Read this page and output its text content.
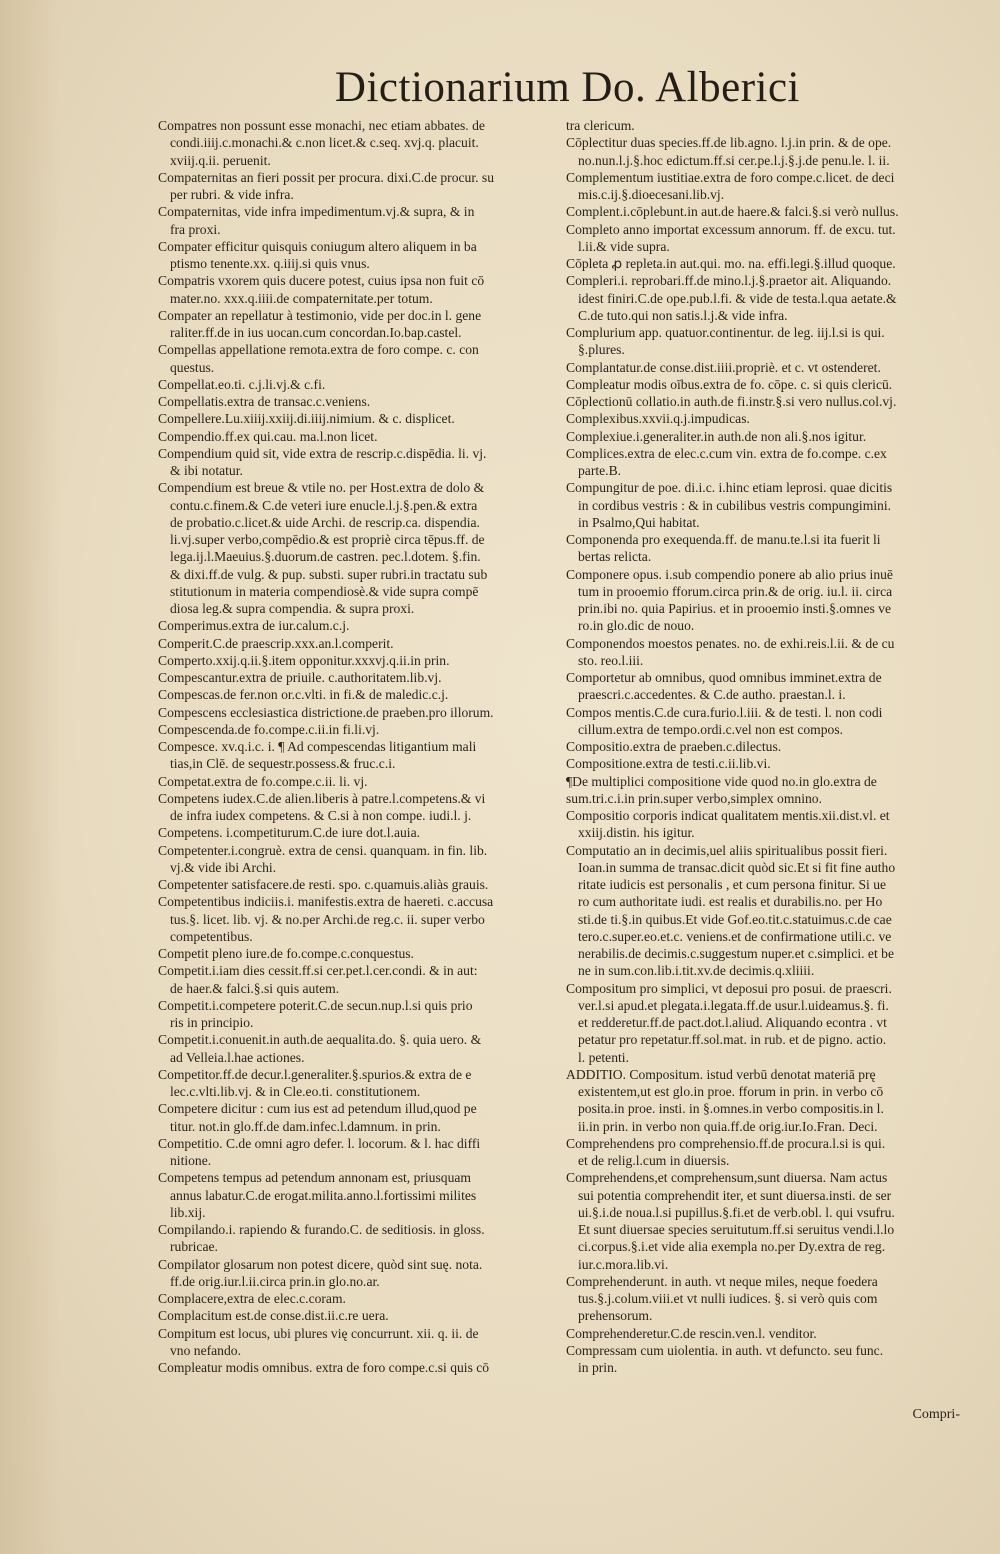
Dictionarium Do. Alberici

Compatres non possunt esse monachi, nec etiam abbates. de
condi.iiij.c.monachi.& c.non licet.& c.seq. xvj.q. placuit.
xviij.q.ii. peruenit.

Compaternitas an fieri possit per procura. dixi.C.de procur. su
per rubri. & vide infra.

Compaternitas, vide infra impedimentum.vj.& supra, & in
fra proxi.

Compater efficitur quisquis coniugum altero aliquem in ba
ptismo tenente.xx. q.iiij.si quis vnus.

Compatris vxorem quis ducere potest, cuius ipsa non fuit cō
mater.no. xxx.q.iiii.de compaternitate.per totum.

Compater an repellatur à testimonio, vide per doc.in l. gene
raliter.ff.de in ius uocan.cum concordan.Io.bap.castel.

Compellas appellatione remota.extra de foro compe. c. con
questus.

Compellat.eo.ti. c.j.li.vj.& c.fi.

Compellatis.extra de transac.c.veniens.

Compellere.Lu.xiiij.xxiij.di.iiij.nimium. & c. displicet.

Compendio.ff.ex qui.cau. ma.l.non licet.

Compendium quid sit, vide extra de rescrip.c.dispēdia. li. vj.
& ibi notatur.

Compendium est breue & vtile no. per Host.extra de dolo &
contu.c.finem.& C.de veteri iure enucle.l.j.§.pen.& extra
de probatio.c.licet.& uide Archi. de rescrip.ca. dispendia.
li.vj.super verbo,compēdio.& est propriè circa tēpus.ff. de
lega.ij.l.Maeuius.§.duorum.de castren. pec.l.dotem. §.fin.
& dixi.ff.de vulg. & pup. substi. super rubri.in tractatu sub
stitutionum in materia compendiosè.& vide supra compē
diosa leg.& supra compendia. & supra proxi.

Comperimus.extra de iur.calum.c.j.

Comperit.C.de praescrip.xxx.an.l.comperit.

Comperto.xxij.q.ii.§.item opponitur.xxxvj.q.ii.in prin.

Compescantur.extra de priuile. c.authoritatem.lib.vj.

Compescas.de fer.non or.c.vlti. in fi.& de maledic.c.j.

Compescens ecclesiastica districtione.de praeben.pro illorum.

Compescenda.de fo.compe.c.ii.in fi.li.vj.

Compesce. xv.q.i.c. i. ¶ Ad compescendas litigantium mali
tias,in Clē. de sequestr.possess.& fruc.c.i.

Competat.extra de fo.compe.c.ii. li. vj.

Competens iudex.C.de alien.liberis à patre.l.competens.& vi
de infra iudex competens. & C.si à non compe. iudi.l. j.

Competens. i.competiturum.C.de iure dot.l.auia.

Competenter.i.congruè. extra de censi. quanquam. in fin. lib.
vj.& vide ibi Archi.

Competenter satisfacere.de resti. spo. c.quamuis.aliàs grauis.

Competentibus indiciis.i. manifestis.extra de haereti. c.accusa
tus.§. licet. lib. vj. & no.per Archi.de reg.c. ii. super verbo
competentibus.

Competit pleno iure.de fo.compe.c.conquestus.

Competit.i.iam dies cessit.ff.si cer.pet.l.cer.condi. & in aut:
de haer.& falci.§.si quis autem.

Competit.i.competere poterit.C.de secun.nup.l.si quis prio
ris in principio.

Competit.i.conuenit.in auth.de aequalita.do. §. quia uero. &
ad Velleia.l.hae actiones.

Competitor.ff.de decur.l.generaliter.§.spurios.& extra de e
lec.c.vlti.lib.vj. & in Cle.eo.ti. constitutionem.

Competere dicitur : cum ius est ad petendum illud,quod pe
titur. not.in glo.ff.de dam.infec.l.damnum. in prin.

Competitio. C.de omni agro defer. l. locorum. & l. hac diffi
nitione.

Competens tempus ad petendum annonam est, priusquam
annus labatur.C.de erogat.milita.anno.l.fortissimi milites
lib.xij.

Compilando.i. rapiendo & furando.C. de seditiosis. in gloss.
rubricae.

Compilator glosarum non potest dicere, quòd sint suę. nota.
ff.de orig.iur.l.ii.circa prin.in glo.no.ar.

Complacere,extra de elec.c.coram.

Complacitum est.de conse.dist.ii.c.re uera.

Compitum est locus, ubi plures vię concurrunt. xii. q. ii. de
vno nefando.

Compleatur modis omnibus. extra de foro compe.c.si quis cō

tra clericum.

Cōplectitur duas species.ff.de lib.agno. l.j.in prin. & de ope.
no.nun.l.j.§.hoc edictum.ff.si cer.pe.l.j.§.j.de penu.le. l. ii.

Complementum iustitiae.extra de foro compe.c.licet. de deci
mis.c.ij.§.dioecesani.lib.vj.

Complent.i.cōplebunt.in aut.de haere.& falci.§.si verò nullus.

Completo anno importat excessum annorum. ff. de excu. tut.
l.ii.& vide supra.

Cōpleta ꝓ repleta.in aut.qui. mo. na. effi.legi.§.illud quoque.

Compleri.i. reprobari.ff.de mino.l.j.§.praetor ait. Aliquando.
idest finiri.C.de ope.pub.l.fi. & vide de testa.l.qua aetate.&
C.de tuto.qui non satis.l.j.& vide infra.

Complurium app. quatuor.continentur. de leg. iij.l.si is qui.
§.plures.

Complantatur.de conse.dist.iiii.propriè. et c. vt ostenderet.

Compleatur modis oībus.extra de fo. cōpe. c. si quis clericū.

Cōplectionū collatio.in auth.de fi.instr.§.si vero nullus.col.vj.

Complexibus.xxvii.q.j.impudicas.

Complexiue.i.generaliter.in auth.de non ali.§.nos igitur.

Complices.extra de elec.c.cum vin. extra de fo.compe. c.ex
parte.B.

Compungitur de poe. di.i.c. i.hinc etiam leprosi. quae dicitis
in cordibus vestris : & in cubilibus vestris compungimini.
in Psalmo,Qui habitat.

Componenda pro exequenda.ff. de manu.te.l.si ita fuerit li
bertas relicta.

Componere opus. i.sub compendio ponere ab alio prius inuē
tum in prooemio fforum.circa prin.& de orig. iu.l. ii. circa
prin.ibi no. quia Papirius. et in prooemio insti.§.omnes ve
ro.in glo.dic de nouo.

Componendos moestos penates. no. de exhi.reis.l.ii. & de cu
sto. reo.l.iii.

Comportetur ab omnibus, quod omnibus imminet.extra de
praescri.c.accedentes. & C.de autho. praestan.l. i.

Compos mentis.C.de cura.furio.l.iii. & de testi. l. non codi
cillum.extra de tempo.ordi.c.vel non est compos.

Compositio.extra de praeben.c.dilectus.

Compositione.extra de testi.c.ii.lib.vi.

¶De multiplici compositione vide quod no.in glo.extra de
sum.tri.c.i.in prin.super verbo,simplex omnino.

Compositio corporis indicat qualitatem mentis.xii.dist.vl. et
xxiij.distin. his igitur.

Computatio an in decimis,uel aliis spiritualibus possit fieri.
Ioan.in summa de transac.dicit quòd sic.Et si fit fine autho
ritate iudicis est personalis , et cum persona finitur. Si ue
ro cum authoritate iudi. est realis et durabilis.no. per Ho
sti.de ti.§.in quibus.Et vide Gof.eo.tit.c.statuimus.c.de cae
tero.c.super.eo.et.c. veniens.et de confirmatione utili.c. ve
nerabilis.de decimis.c.suggestum nuper.et c.simplici. et be
ne in sum.con.lib.i.tit.xv.de decimis.q.xliiii.

Compositum pro simplici, vt deposui pro posui. de praescri.
ver.l.si apud.et plegata.i.legata.ff.de usur.l.uideamus.§. fi.
et redderetur.ff.de pact.dot.l.aliud. Aliquando econtra . vt
petatur pro repetatur.ff.sol.mat. in rub. et de pigno. actio.
l. petenti.

ADDITIO. Compositum. istud verbū denotat materiā prę
existentem,ut est glo.in proe. fforum in prin. in verbo cō
posita.in proe. insti. in §.omnes.in verbo compositis.in l.
ii.in prin. in verbo non quia.ff.de orig.iur.Io.Fran. Deci.

Comprehendens pro comprehensio.ff.de procura.l.si is qui.
et de relig.l.cum in diuersis.

Comprehendens,et comprehensum,sunt diuersa. Nam actus
sui potentia comprehendit iter, et sunt diuersa.insti. de ser
ui.§.i.de noua.l.si pupillus.§.fi.et de verb.obl. l. qui vsufru.
Et sunt diuersae species seruitutum.ff.si seruitus vendi.l.lo
ci.corpus.§.i.et vide alia exempla no.per Dy.extra de reg.
iur.c.mora.lib.vi.

Comprehenderunt. in auth. vt neque miles, neque foedera
tus.§.j.colum.viii.et vt nulli iudices. §. si verò quis com
prehensorum.

Comprehenderetur.C.de rescin.ven.l. venditor.

Compressam cum uiolentia. in auth. vt defuncto. seu func.
in prin.

Compri-
